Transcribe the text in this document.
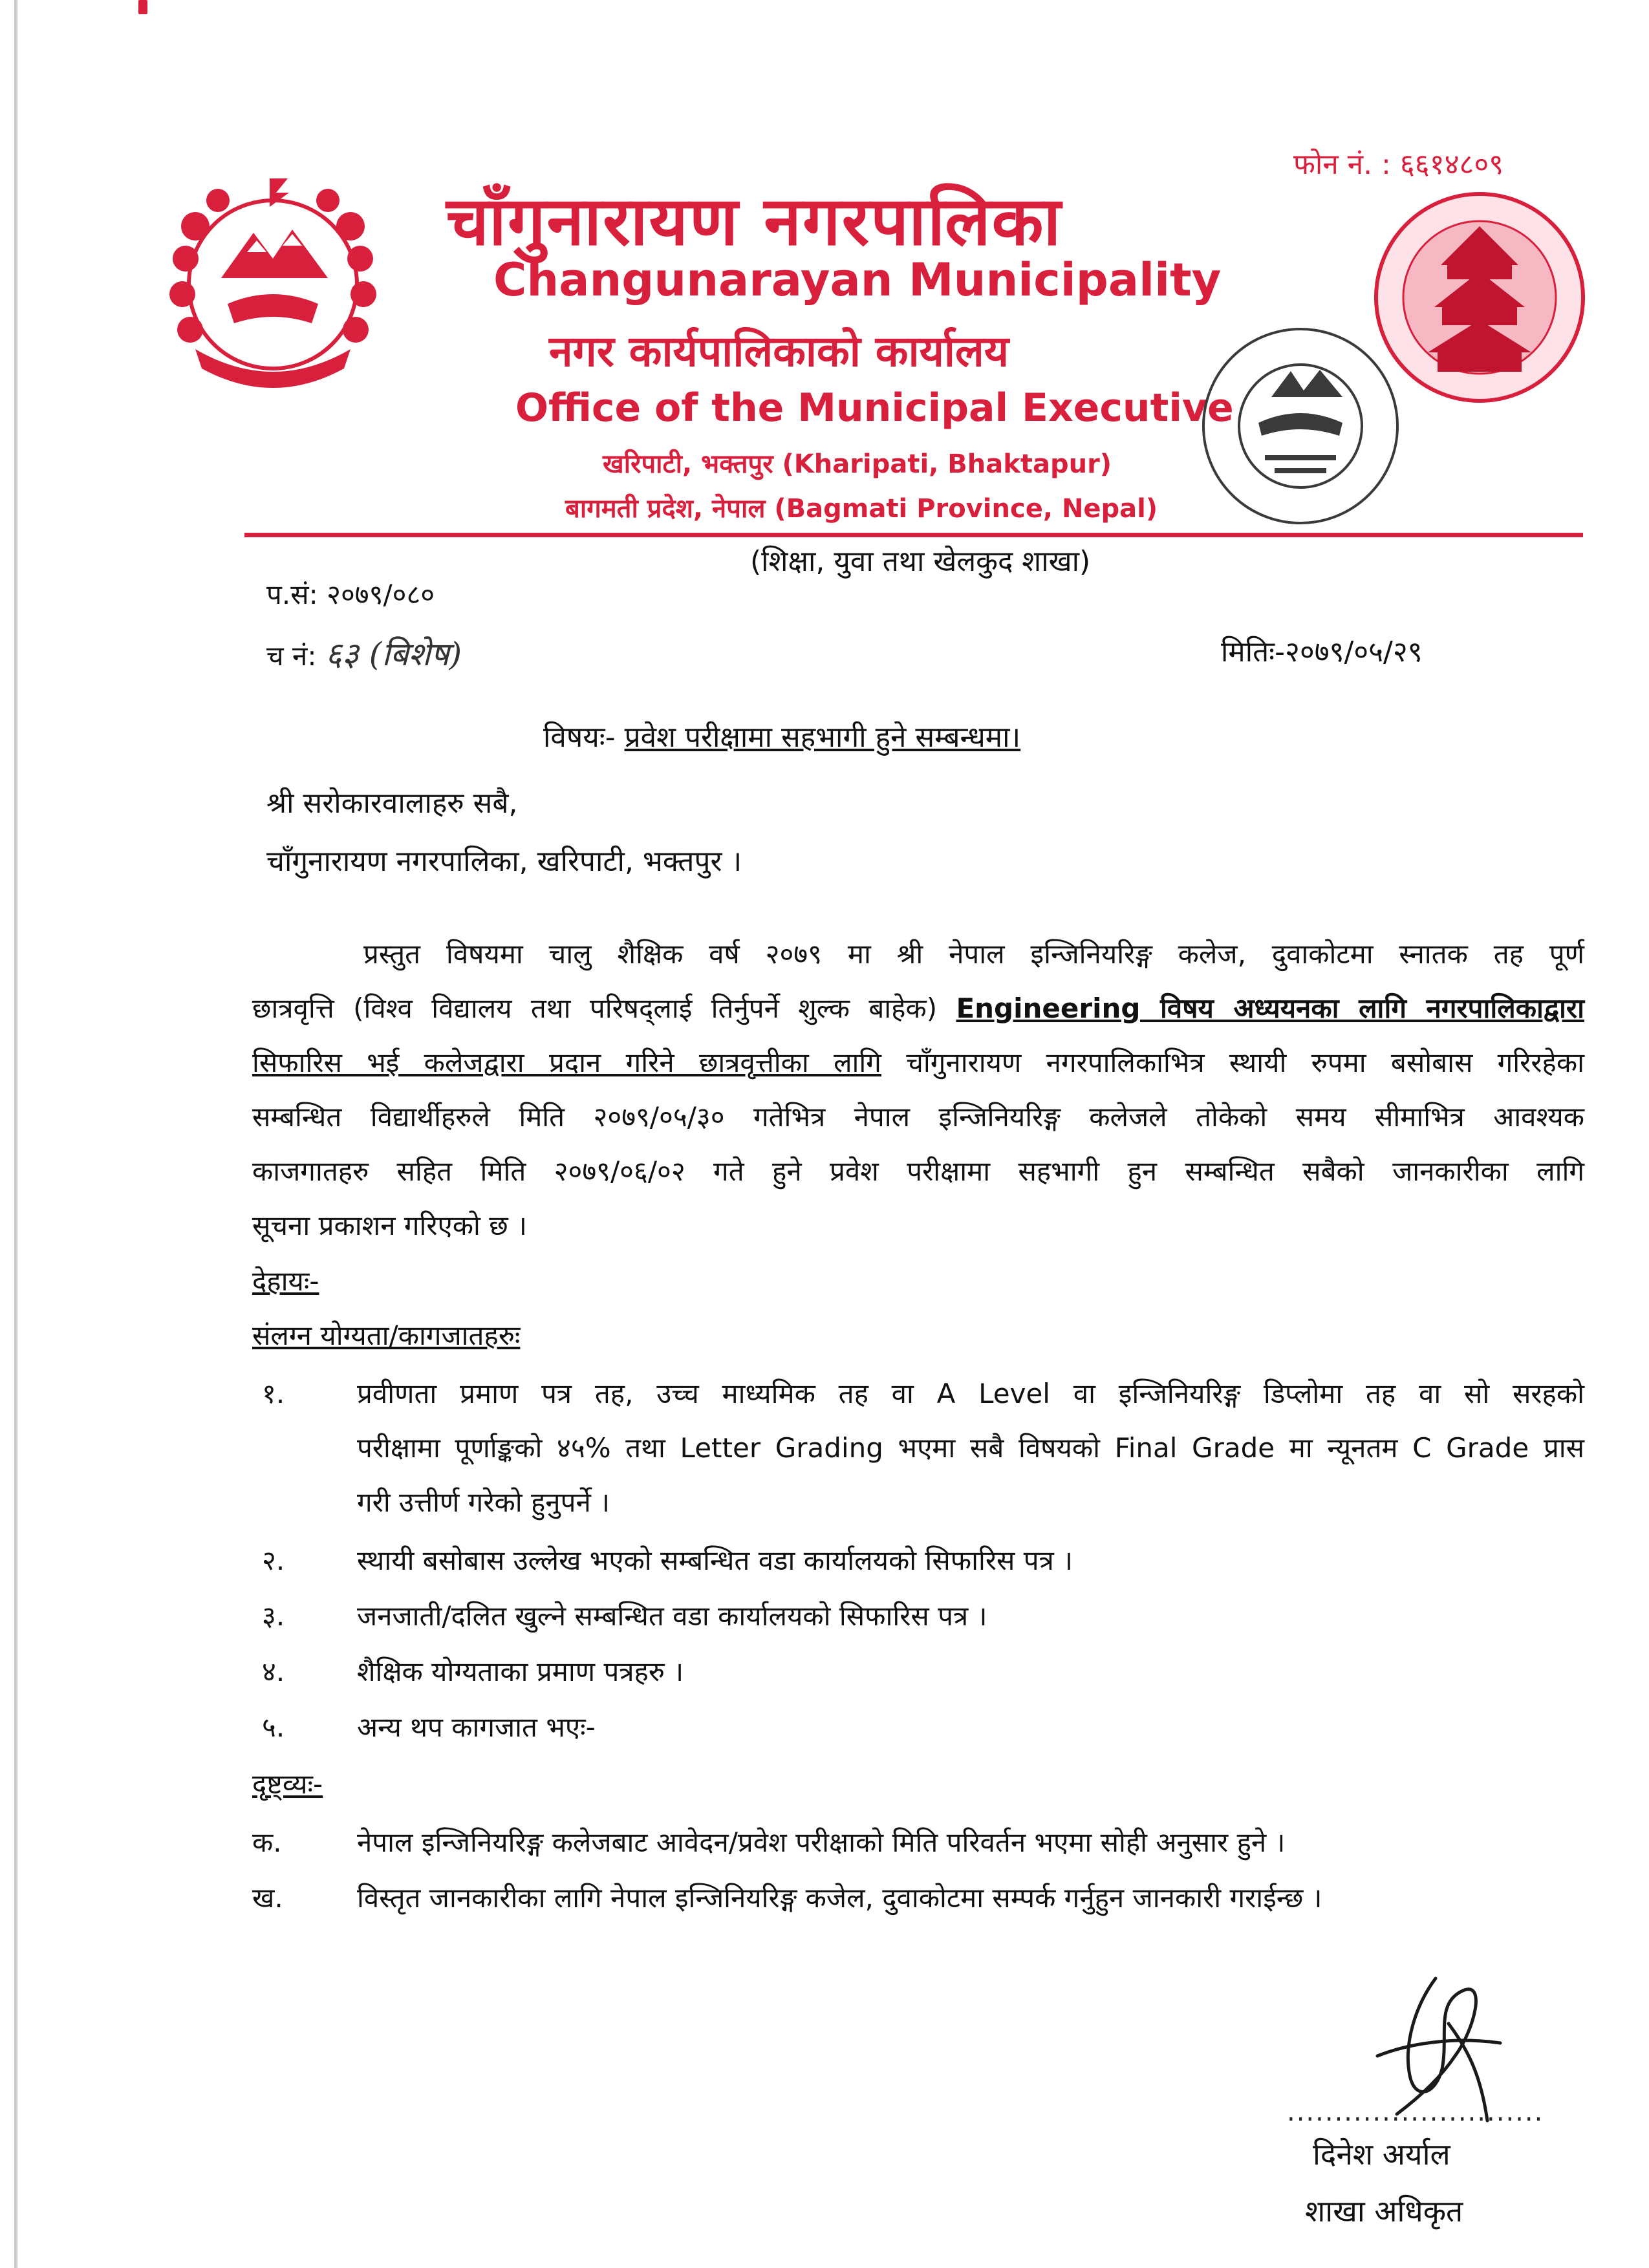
फोन नं. : ६६१४८०९
चाँगुनारायण नगरपालिका
Changunarayan Municipality
नगर कार्यपालिकाको कार्यालय
Office of the Municipal Executive
खरिपाटी, भक्तपुर (Kharipati, Bhaktapur)
बागमती प्रदेश, नेपाल (Bagmati Province, Nepal)
(शिक्षा, युवा तथा खेलकुद शाखा)
प.सं: २०७९/०८०
च नं: ६३ (बिशेष)	मितिः-२०७९/०५/२९
विषयः- प्रवेश परीक्षामा सहभागी हुने सम्बन्धमा।
श्री सरोकारवालाहरु सबै,
चाँगुनारायण नगरपालिका, खरिपाटी, भक्तपुर ।
प्रस्तुत विषयमा चालु शैक्षिक वर्ष २०७९ मा श्री नेपाल इन्जिनियरिङ्ग कलेज, दुवाकोटमा स्नातक तह पूर्ण
छात्रवृत्ति (विश्व विद्यालय तथा परिषद्लाई तिर्नुपर्ने शुल्क बाहेक) Engineering विषय अध्ययनका लागि नगरपालिकाद्वारा
सिफारिस भई कलेजद्वारा प्रदान गरिने छात्रवृत्तीका लागि चाँगुनारायण नगरपालिकाभित्र स्थायी रुपमा बसोबास गरिरहेका
सम्बन्धित विद्यार्थीहरुले मिति २०७९/०५/३० गतेभित्र नेपाल इन्जिनियरिङ्ग कलेजले तोकेको समय सीमाभित्र आवश्यक
काजगातहरु सहित मिति २०७९/०६/०२ गते हुने प्रवेश परीक्षामा सहभागी हुन सम्बन्धित सबैको जानकारीका लागि
सूचना प्रकाशन गरिएको छ ।
देहायः-
संलग्न योग्यता/कागजातहरुः
१.	प्रवीणता प्रमाण पत्र तह, उच्च माध्यमिक तह वा A Level वा इन्जिनियरिङ्ग डिप्लोमा तह वा सो सरहको
परीक्षामा पूर्णाङ्कको ४५% तथा Letter Grading भएमा सबै विषयको Final Grade मा न्यूनतम C Grade प्रास
गरी उत्तीर्ण गरेको हुनुपर्ने ।
२.	स्थायी बसोबास उल्लेख भएको सम्बन्धित वडा कार्यालयको सिफारिस पत्र ।
३.	जनजाती/दलित खुल्ने सम्बन्धित वडा कार्यालयको सिफारिस पत्र ।
४.	शैक्षिक योग्यताका प्रमाण पत्रहरु ।
५.	अन्य थप कागजात भएः-
दृष्ट्व्यः-
क.	नेपाल इन्जिनियरिङ्ग कलेजबाट आवेदन/प्रवेश परीक्षाको मिति परिवर्तन भएमा सोही अनुसार हुने ।
ख.	विस्तृत जानकारीका लागि नेपाल इन्जिनियरिङ्ग कजेल, दुवाकोटमा सम्पर्क गर्नुहुन जानकारी गराईन्छ ।
...........................
दिनेश अर्याल
शाखा अधिकृत
